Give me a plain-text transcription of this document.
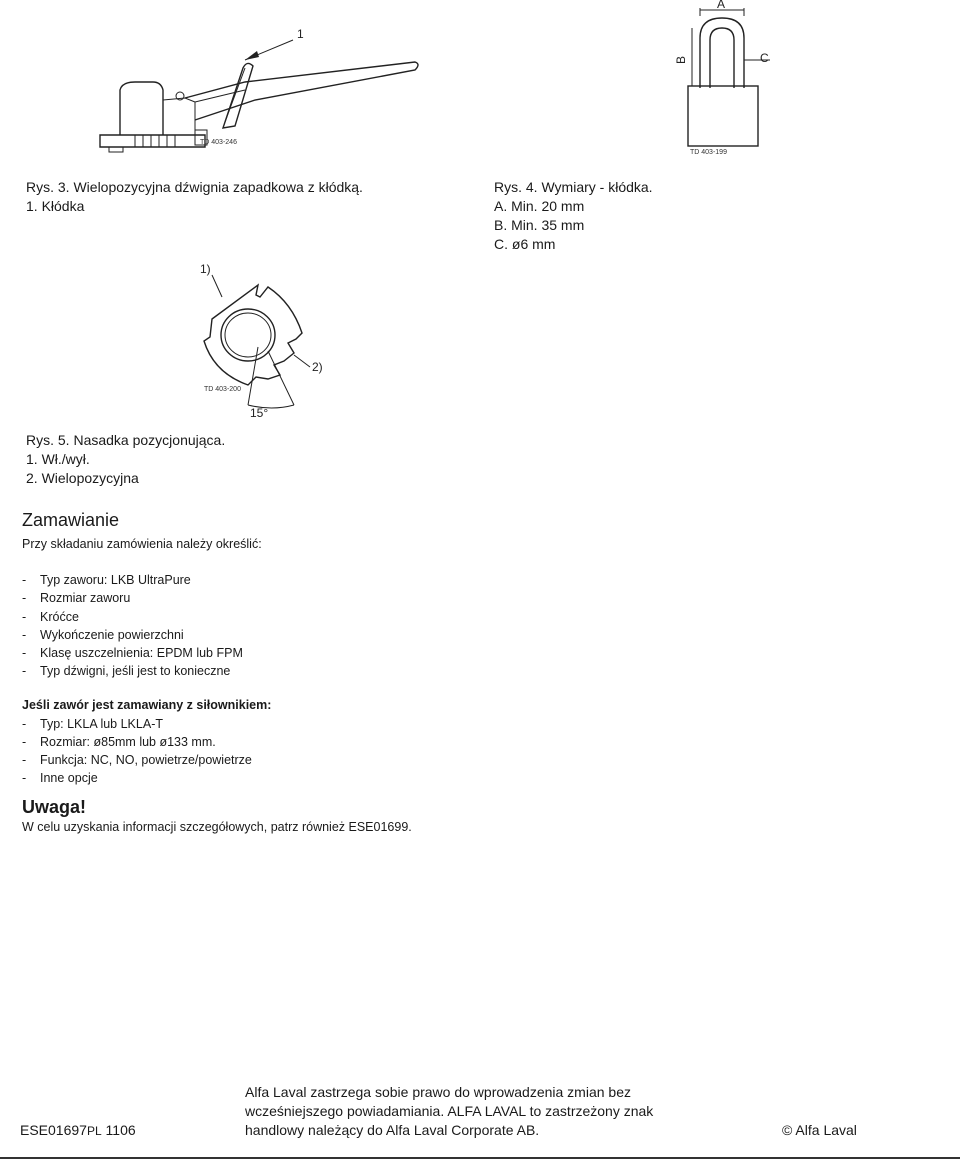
1
TD 403-246
A
B	C
TD 403-199
Rys. 3. Wielopozycyjna dźwignia zapadkowa z kłódką.
1. Kłódka
Rys. 4. Wymiary - kłódka.
A. Min. 20 mm
B. Min. 35 mm
C. ø6 mm
1)
2)
15°
TD 403-200
Rys. 5. Nasadka pozycjonująca.
1. Wł./wył.
2. Wielopozycyjna
Zamawianie
Przy składaniu zamówienia należy określić:
- Typ zaworu: LKB UltraPure
- Rozmiar zaworu
- Króćce
- Wykończenie powierzchni
- Klasę uszczelnienia: EPDM lub FPM
- Typ dźwigni, jeśli jest to konieczne
Jeśli zawór jest zamawiany z siłownikiem:
- Typ: LKLA lub LKLA-T
- Rozmiar: ø85mm lub ø133 mm.
- Funkcja: NC, NO, powietrze/powietrze
- Inne opcje
Uwaga!
W celu uzyskania informacji szczegółowych, patrz również ESE01699.
ESE01697PL 1106
Alfa Laval zastrzega sobie prawo do wprowadzenia zmian bez
wcześniejszego powiadamiania. ALFA LAVAL to zastrzeżony znak
handlowy należący do Alfa Laval Corporate AB.	© Alfa Laval
